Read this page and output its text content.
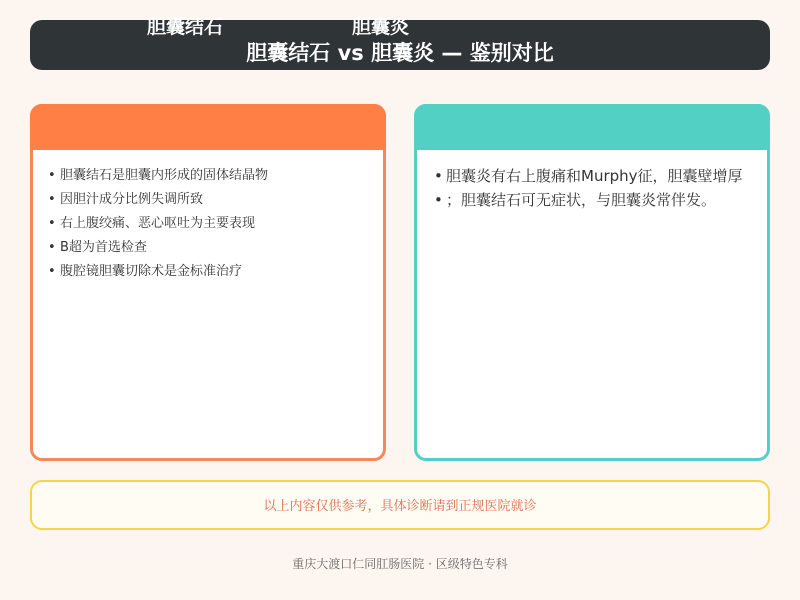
胆囊结石 vs 胆囊炎 — 鉴别对比
胆囊结石	胆囊炎
• 胆囊结石是胆囊内形成的固体结晶物
• 因胆汁成分比例失调所致
• 右上腹绞痛、恶心呕吐为主要表现
• B超为首选检查
• 腹腔镜胆囊切除术是金标准治疗
• 胆囊炎有右上腹痛和Murphy征，胆囊壁增厚
• ；胆囊结石可无症状，与胆囊炎常伴发。
以上内容仅供参考，具体诊断请到正规医院就诊
重庆大渡口仁同肛肠医院 · 区级特色专科
